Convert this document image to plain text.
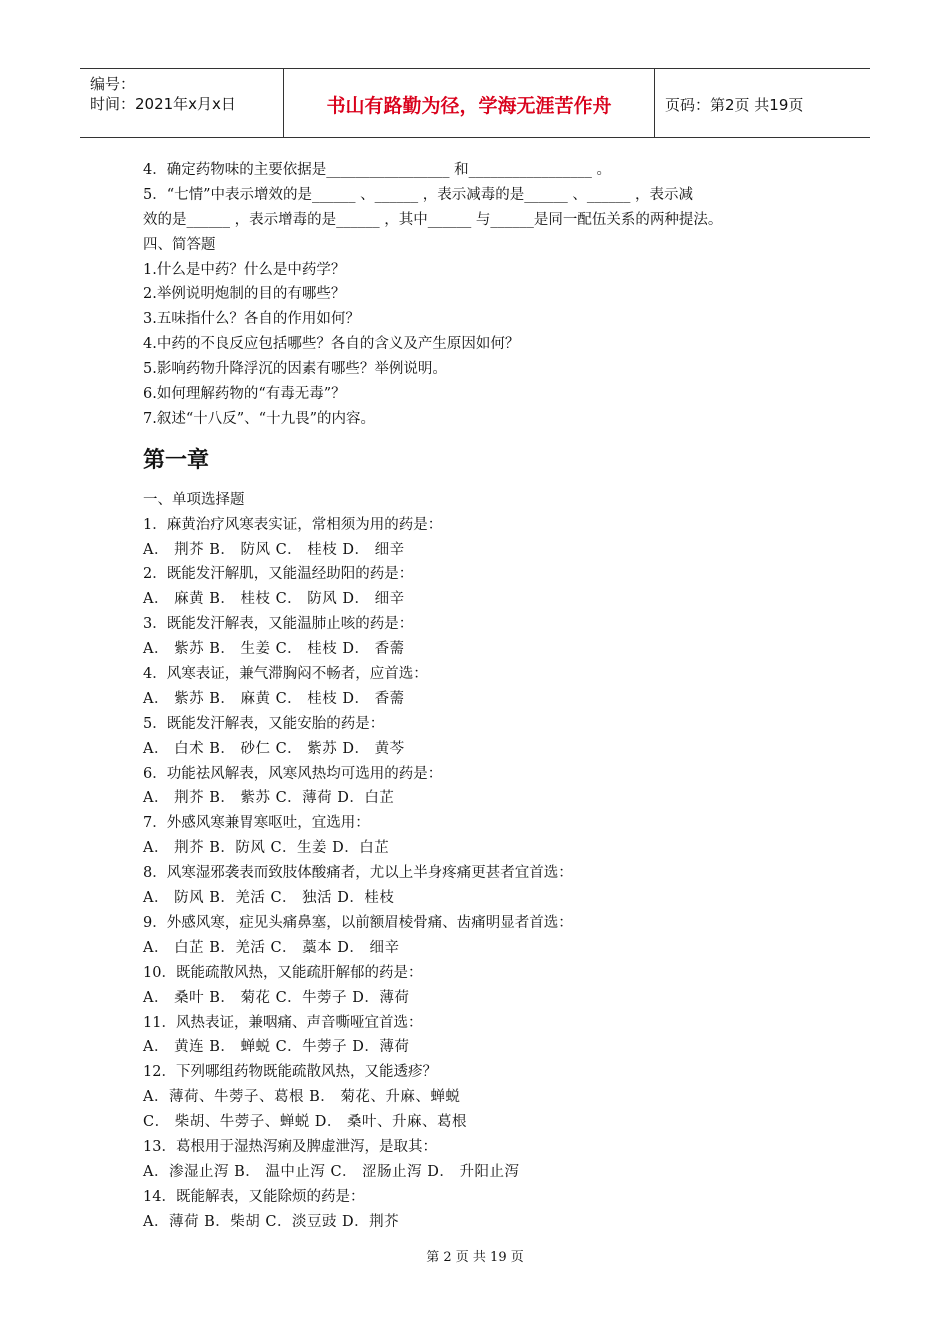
编号：
时间：2021年x月x日	书山有路勤为径，学海无涯苦作舟	页码：第2页 共19页
4．确定药物味的主要依据是_________________ 和_________________ 。
5．“七情”中表示增效的是______ 、______ ，表示减毒的是______ 、______ ，表示减
效的是______ ，表示增毒的是______ ，其中______ 与______是同一配伍关系的两种提法。
四、简答题
1.什么是中药？什么是中药学？
2.举例说明炮制的目的有哪些？
3.五味指什么？各自的作用如何？
4.中药的不良反应包括哪些？各自的含义及产生原因如何？
5.影响药物升降浮沉的因素有哪些？举例说明。
6.如何理解药物的“有毒无毒”？
7.叙述“十八反”、“十九畏”的内容。
第一章
一、单项选择题
1．麻黄治疗风寒表实证，常相须为用的药是：
A． 荆芥 B． 防风 C． 桂枝 D． 细辛
2．既能发汗解肌，又能温经助阳的药是：
A． 麻黄 B． 桂枝 C． 防风 D． 细辛
3．既能发汗解表，又能温肺止咳的药是：
A． 紫苏 B． 生姜 C． 桂枝 D． 香薷
4．风寒表证，兼气滞胸闷不畅者，应首选：
A． 紫苏 B． 麻黄 C． 桂枝 D． 香薷
5．既能发汗解表，又能安胎的药是：
A． 白术 B． 砂仁 C． 紫苏 D． 黄芩
6．功能祛风解表，风寒风热均可选用的药是：
A． 荆芥 B． 紫苏 C．薄荷 D．白芷
7．外感风寒兼胃寒呕吐，宜选用：
A． 荆芥 B．防风 C．生姜 D．白芷
8．风寒湿邪袭表而致肢体酸痛者，尤以上半身疼痛更甚者宜首选：
A． 防风 B．羌活 C． 独活 D．桂枝
9．外感风寒，症见头痛鼻塞，以前额眉棱骨痛、齿痛明显者首选：
A． 白芷 B．羌活 C． 藁本 D． 细辛
10．既能疏散风热，又能疏肝解郁的药是：
A． 桑叶 B． 菊花 C．牛蒡子 D．薄荷
11．风热表证，兼咽痛、声音嘶哑宜首选：
A． 黄连 B． 蝉蜕 C．牛蒡子 D．薄荷
12．下列哪组药物既能疏散风热，又能透疹？
A．薄荷、牛蒡子、葛根 B． 菊花、升麻、蝉蜕
C． 柴胡、牛蒡子、蝉蜕 D． 桑叶、升麻、葛根
13．葛根用于湿热泻痢及脾虚泄泻，是取其：
A．渗湿止泻 B． 温中止泻 C． 涩肠止泻 D． 升阳止泻
14．既能解表，又能除烦的药是：
A．薄荷 B．柴胡 C．淡豆豉 D．荆芥
第 2 页 共 19 页
